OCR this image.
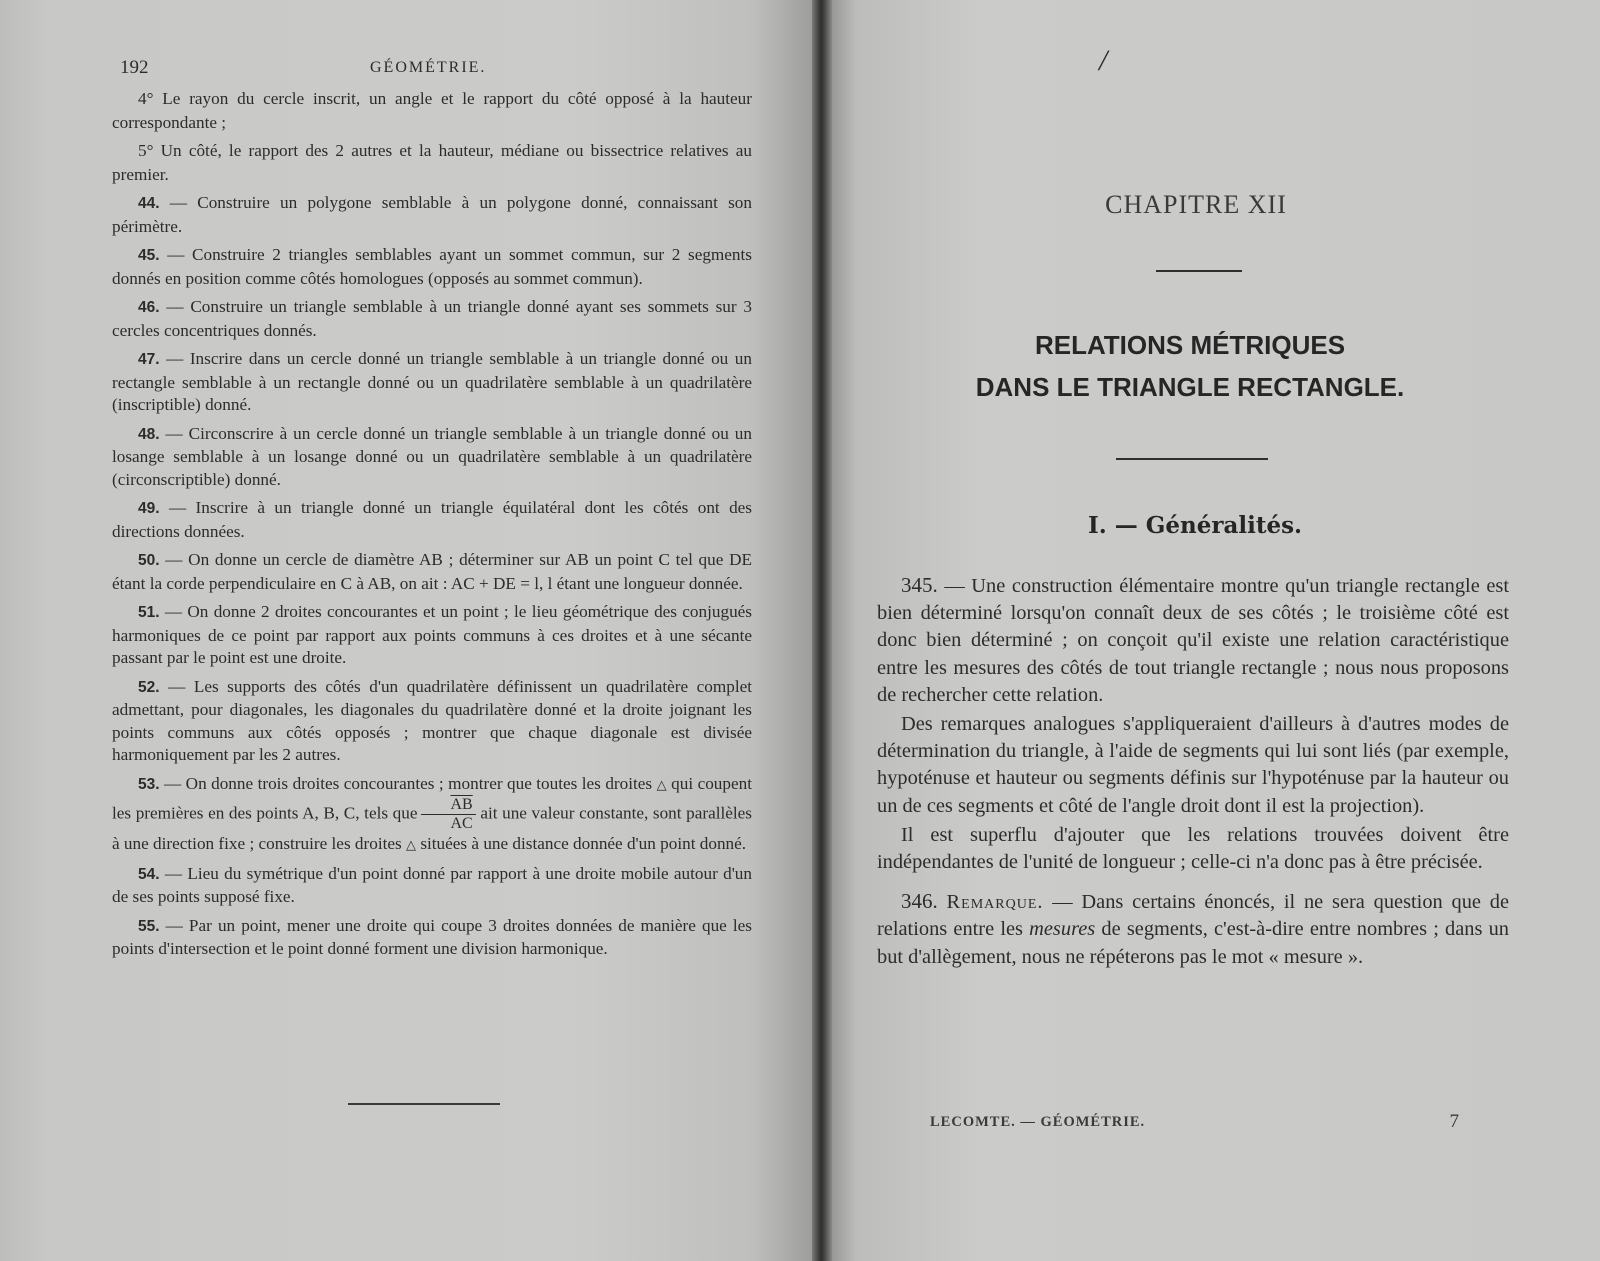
192	GÉOMÉTRIE.

4° Le rayon du cercle inscrit, un angle et le rapport du côté opposé à la hauteur correspondante ;

5° Un côté, le rapport des 2 autres et la hauteur, médiane ou bissectrice relatives au premier.

44. — Construire un polygone semblable à un polygone donné, connaissant son périmètre.

45. — Construire 2 triangles semblables ayant un sommet commun, sur 2 segments donnés en position comme côtés homologues (opposés au sommet commun).

46. — Construire un triangle semblable à un triangle donné ayant ses sommets sur 3 cercles concentriques donnés.

47. — Inscrire dans un cercle donné un triangle semblable à un triangle donné ou un rectangle semblable à un rectangle donné ou un quadrilatère semblable à un quadrilatère (inscriptible) donné.

48. — Circonscrire à un cercle donné un triangle semblable à un triangle donné ou un losange semblable à un losange donné ou un quadrilatère semblable à un quadrilatère (circonscriptible) donné.

49. — Inscrire à un triangle donné un triangle équilatéral dont les côtés ont des directions données.

50. — On donne un cercle de diamètre AB ; déterminer sur AB un point C tel que DE étant la corde perpendiculaire en C à AB, on ait : AC + DE = l, l étant une longueur donnée.

51. — On donne 2 droites concourantes et un point ; le lieu géométrique des conjugués harmoniques de ce point par rapport aux points communs à ces droites et à une sécante passant par le point est une droite.

52. — Les supports des côtés d'un quadrilatère définissent un quadrilatère complet admettant, pour diagonales, les diagonales du quadrilatère donné et la droite joignant les points communs aux côtés opposés ; montrer que chaque diagonale est divisée harmoniquement par les 2 autres.

53. — On donne trois droites concourantes ; montrer que toutes les droites △ qui coupent les premières en des points A, B, C, tels que $\frac{\overline{AB}}{AC}$ ait une valeur constante, sont parallèles à une direction fixe ; construire les droites △ situées à une distance donnée d'un point donné.

54. — Lieu du symétrique d'un point donné par rapport à une droite mobile autour d'un de ses points supposé fixe.

55. — Par un point, mener une droite qui coupe 3 droites données de manière que les points d'intersection et le point donné forment une division harmonique.

/
CHAPITRE XII
RELATIONS MÉTRIQUES
DANS LE TRIANGLE RECTANGLE.
I. — Généralités.

345. — Une construction élémentaire montre qu'un triangle rectangle est bien déterminé lorsqu'on connaît deux de ses côtés ; le troisième côté est donc bien déterminé ; on conçoit qu'il existe une relation caractéristique entre les mesures des côtés de tout triangle rectangle ; nous nous proposons de rechercher cette relation.

Des remarques analogues s'appliqueraient d'ailleurs à d'autres modes de détermination du triangle, à l'aide de segments qui lui sont liés (par exemple, hypoténuse et hauteur ou segments définis sur l'hypoténuse par la hauteur ou un de ces segments et côté de l'angle droit dont il est la projection).

Il est superflu d'ajouter que les relations trouvées doivent être indépendantes de l'unité de longueur ; celle-ci n'a donc pas à être précisée.

346. Remarque. — Dans certains énoncés, il ne sera question que de relations entre les mesures de segments, c'est-à-dire entre nombres ; dans un but d'allègement, nous ne répéterons pas le mot « mesure ».

LECOMTE. — GÉOMÉTRIE.	7
